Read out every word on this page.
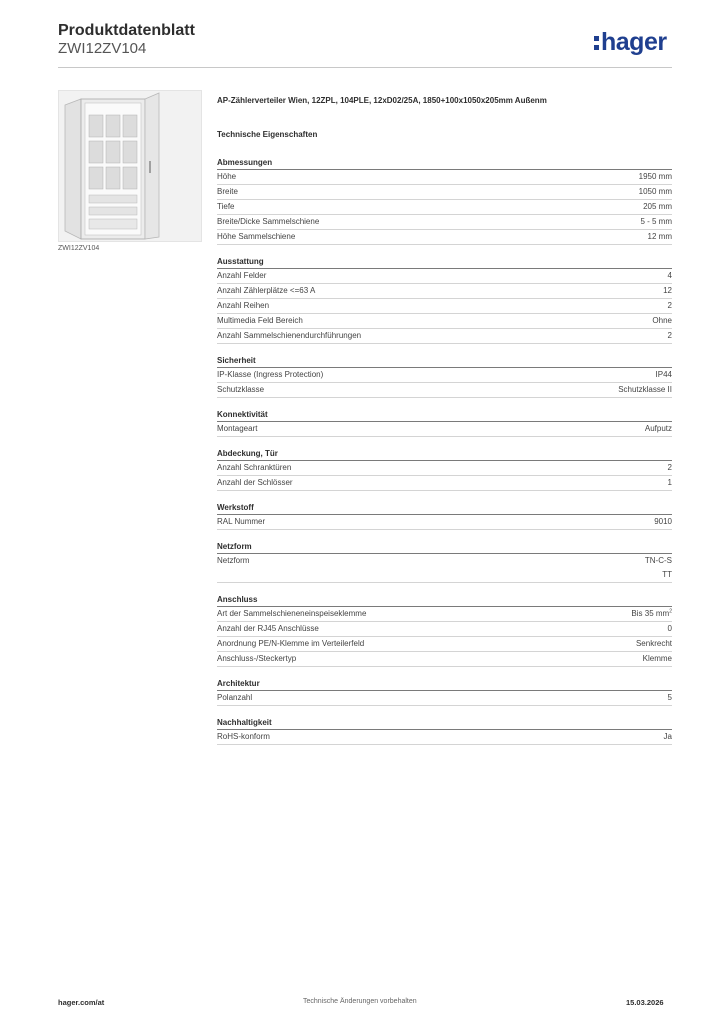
Produktdatenblatt
ZWI12ZV104	hager
ZWI12ZV104
AP-Zählerverteiler Wien, 12ZPL, 104PLE, 12xD02/25A, 1850+100x1050x205mm Außenm
Technische Eigenschaften
Abmessungen
Höhe	1950 mm
Breite	1050 mm
Tiefe	205 mm
Breite/Dicke Sammelschiene	5 - 5 mm
Höhe Sammelschiene	12 mm
Ausstattung
Anzahl Felder	4
Anzahl Zählerplätze <=63 A	12
Anzahl Reihen	2
Multimedia Feld Bereich	Ohne
Anzahl Sammelschienendurchführungen	2
Sicherheit
IP-Klasse (Ingress Protection)	IP44
Schutzklasse	Schutzklasse II
Konnektivität
Montageart	Aufputz
Abdeckung, Tür
Anzahl Schranktüren	2
Anzahl der Schlösser	1
Werkstoff
RAL Nummer	9010
Netzform
Netzform	TN-C-S
TT
Anschluss
Art der Sammelschieneneinspeiseklemme	Bis 35 $mm^2$
Anzahl der RJ45 Anschlüsse	0
Anordnung PE/N-Klemme im Verteilerfeld	Senkrecht
Anschluss-/Steckertyp	Klemme
Architektur
Polanzahl	5
Nachhaltigkeit
RoHS-konform	Ja
hager.com/at	Technische Änderungen vorbehalten	15.03.2026
